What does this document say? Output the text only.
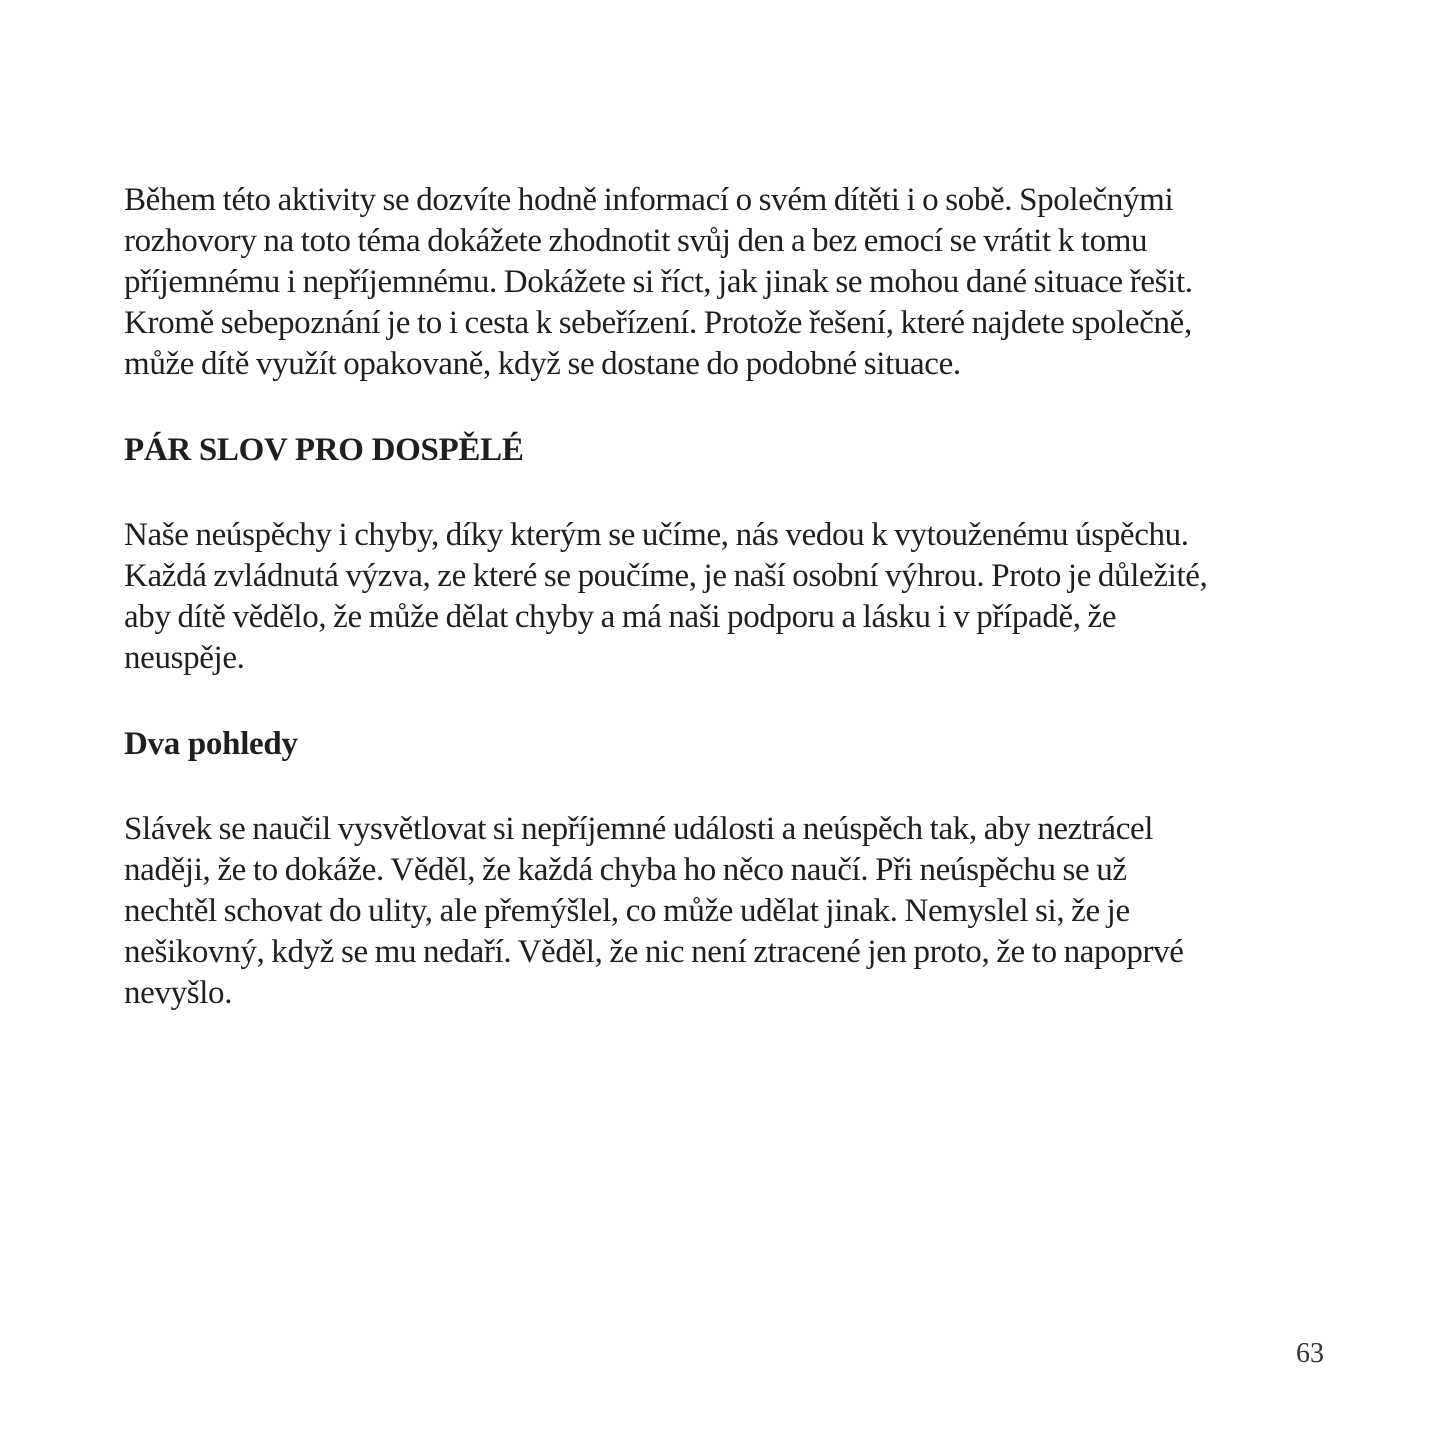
Během této aktivity se dozvíte hodně informací o svém dítěti i o sobě. Společnými
rozhovory na toto téma dokážete zhodnotit svůj den a bez emocí se vrátit k tomu
příjemnému i nepříjemnému. Dokážete si říct, jak jinak se mohou dané situace řešit.
Kromě sebepoznání je to i cesta k sebeřízení. Protože řešení, které najdete společně,
může dítě využít opakovaně, když se dostane do podobné situace.

PÁR SLOV PRO DOSPĚLÉ

Naše neúspěchy i chyby, díky kterým se učíme, nás vedou k vytouženému úspěchu.
Každá zvládnutá výzva, ze které se poučíme, je naší osobní výhrou. Proto je důležité,
aby dítě vědělo, že může dělat chyby a má naši podporu a lásku i v případě, že
neuspěje.

Dva pohledy

Slávek se naučil vysvětlovat si nepříjemné události a neúspěch tak, aby neztrácel
naději, že to dokáže. Věděl, že každá chyba ho něco naučí. Při neúspěchu se už
nechtěl schovat do ulity, ale přemýšlel, co může udělat jinak. Nemyslel si, že je
nešikovný, když se mu nedaří. Věděl, že nic není ztracené jen proto, že to napoprvé
nevyšlo.

63
